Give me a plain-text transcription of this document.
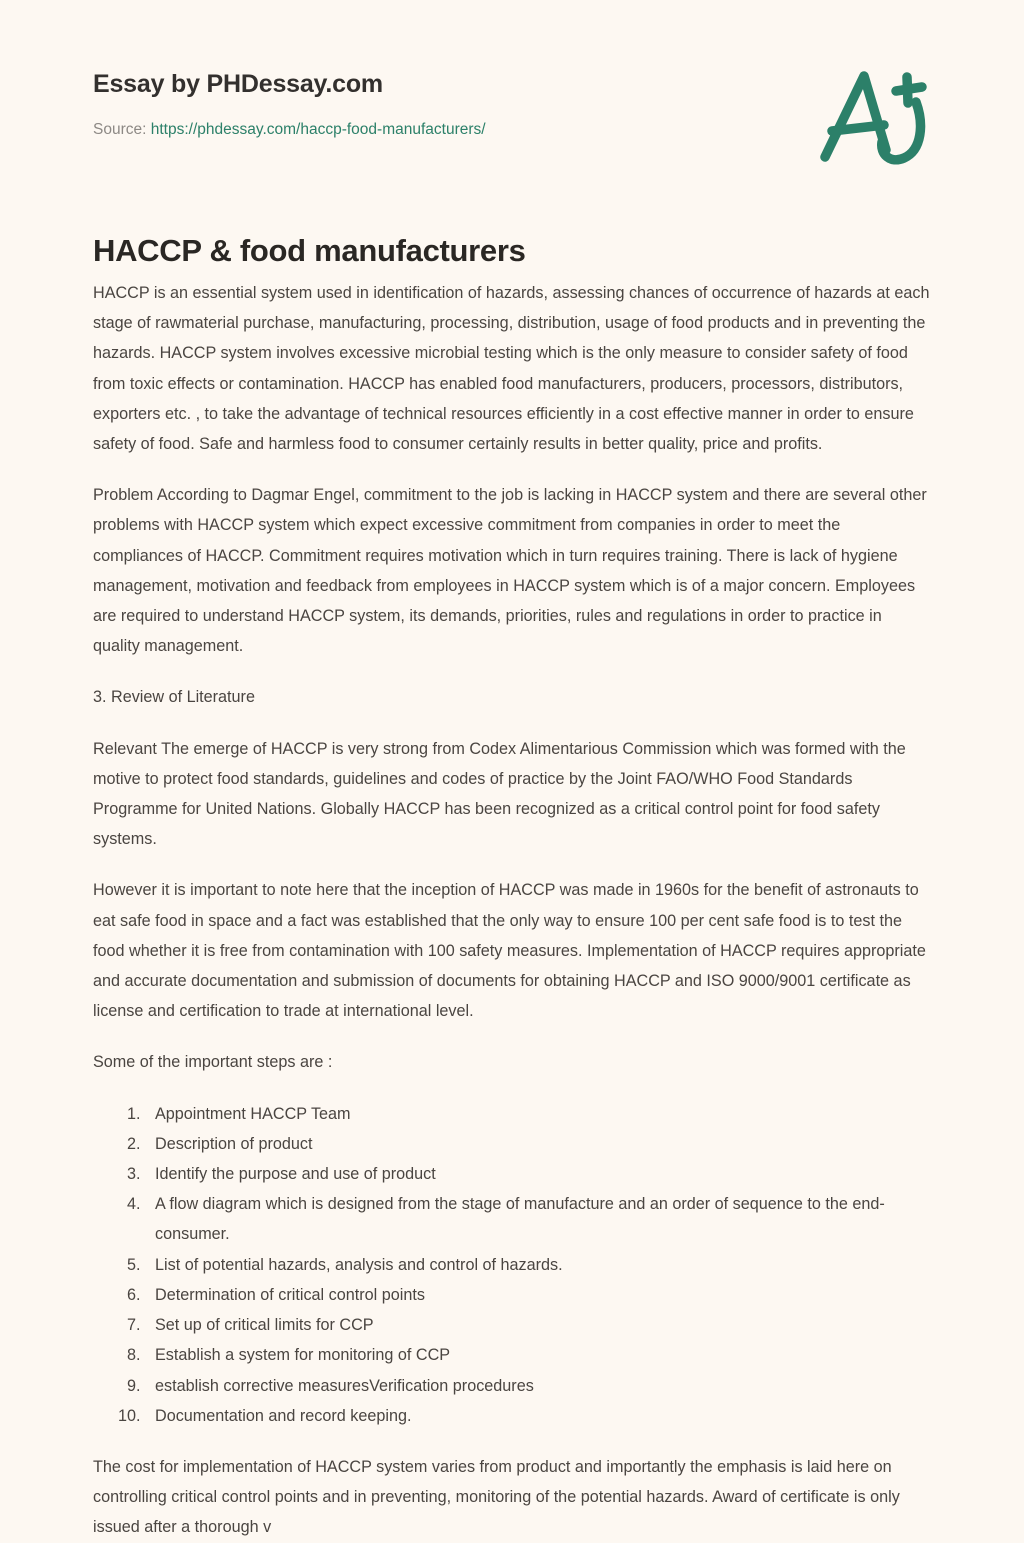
Essay by PHDessay.com
Source: https://phdessay.com/haccp-food-manufacturers/
HACCP & food manufacturers

HACCP is an essential system used in identification of hazards, assessing chances of occurrence of hazards at each stage of rawmaterial purchase, manufacturing, processing, distribution, usage of food products and in preventing the hazards. HACCP system involves excessive microbial testing which is the only measure to consider safety of food from toxic effects or contamination. HACCP has enabled food manufacturers, producers, processors, distributors, exporters etc. , to take the advantage of technical resources efficiently in a cost effective manner in order to ensure safety of food. Safe and harmless food to consumer certainly results in better quality, price and profits.

Problem According to Dagmar Engel, commitment to the job is lacking in HACCP system and there are several other problems with HACCP system which expect excessive commitment from companies in order to meet the compliances of HACCP. Commitment requires motivation which in turn requires training. There is lack of hygiene management, motivation and feedback from employees in HACCP system which is of a major concern. Employees are required to understand HACCP system, its demands, priorities, rules and regulations in order to practice in quality management.

3. Review of Literature

Relevant The emerge of HACCP is very strong from Codex Alimentarious Commission which was formed with the motive to protect food standards, guidelines and codes of practice by the Joint FAO/WHO Food Standards Programme for United Nations. Globally HACCP has been recognized as a critical control point for food safety systems.

However it is important to note here that the inception of HACCP was made in 1960s for the benefit of astronauts to eat safe food in space and a fact was established that the only way to ensure 100 per cent safe food is to test the food whether it is free from contamination with 100 safety measures. Implementation of HACCP requires appropriate and accurate documentation and submission of documents for obtaining HACCP and ISO 9000/9001 certificate as license and certification to trade at international level.

Some of the important steps are :

1. Appointment HACCP Team
2. Description of product
3. Identify the purpose and use of product
4. A flow diagram which is designed from the stage of manufacture and an order of sequence to the end-consumer.
5. List of potential hazards, analysis and control of hazards.
6. Determination of critical control points
7. Set up of critical limits for CCP
8. Establish a system for monitoring of CCP
9. establish corrective measuresVerification procedures
10. Documentation and record keeping.

The cost for implementation of HACCP system varies from product and importantly the emphasis is laid here on controlling critical control points and in preventing, monitoring of the potential hazards. Award of certificate is only issued after a thorough v
